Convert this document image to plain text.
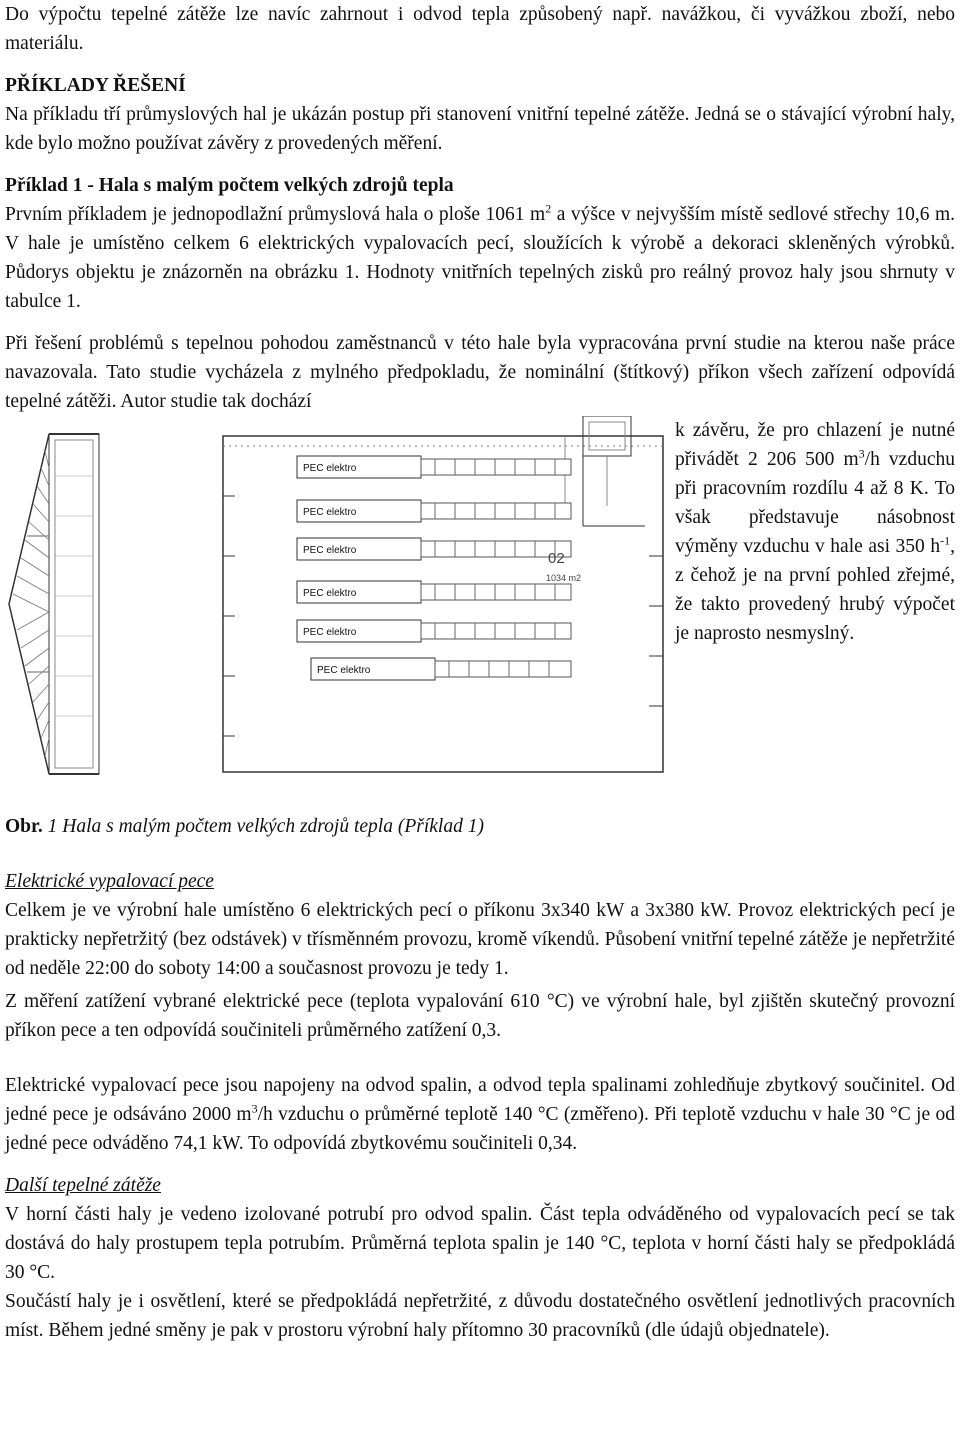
Do výpočtu tepelné zátěže lze navíc zahrnout i odvod tepla způsobený např. navážkou, či vyvážkou zboží, nebo materiálu.

PŘÍKLADY ŘEŠENÍ

Na příkladu tří průmyslových hal je ukázán postup při stanovení vnitřní tepelné zátěže. Jedná se o stávající výrobní haly, kde bylo možno používat závěry z provedených měření.

Příklad 1 - Hala s malým počtem velkých zdrojů tepla

Prvním příkladem je jednopodlažní průmyslová hala o ploše 1061 $m^2$ a výšce v nejvyšším místě sedlové střechy 10,6 m. V hale je umístěno celkem 6 elektrických vypalovacích pecí, sloužících k výrobě a dekoraci skleněných výrobků. Půdorys objektu je znázorněn na obrázku 1. Hodnoty vnitřních tepelných zisků pro reálný provoz haly jsou shrnuty v tabulce 1.

Při řešení problémů s tepelnou pohodou zaměstnanců v této hale byla vypracována první studie na kterou naše práce navazovala. Tato studie vycházela z mylného předpokladu, že nominální (štítkový) příkon všech zařízení odpovídá tepelné zátěži. Autor studie tak dochází

PEC elektro
PEC elektro
PEC elektro
PEC elektro
PEC elektro
PEC elektro
02
1034 m2

k závěru, že pro chlazení je nutné přivádět 2 206 500 $m^3/h$ vzduchu při pracovním rozdílu 4 až 8 K. To však představuje násobnost výměny vzduchu v hale asi 350 $h^{-1}$, z čehož je na první pohled zřejmé, že takto provedený hrubý výpočet je naprosto nesmyslný.

Obr. 1 Hala s malým počtem velkých zdrojů tepla (Příklad 1)

Elektrické vypalovací pece

Celkem je ve výrobní hale umístěno 6 elektrických pecí o příkonu 3x340 kW a 3x380 kW. Provoz elektrických pecí je prakticky nepřetržitý (bez odstávek) v třísměnném provozu, kromě víkendů. Působení vnitřní tepelné zátěže je nepřetržité od neděle 22:00 do soboty 14:00 a současnost provozu je tedy 1.

Z měření zatížení vybrané elektrické pece (teplota vypalování 610 °C) ve výrobní hale, byl zjištěn skutečný provozní příkon pece a ten odpovídá součiniteli průměrného zatížení 0,3.

Elektrické vypalovací pece jsou napojeny na odvod spalin, a odvod tepla spalinami zohledňuje zbytkový součinitel. Od jedné pece je odsáváno 2000 $m^3/h$ vzduchu o průměrné teplotě 140 °C (změřeno). Při teplotě vzduchu v hale 30 °C je od jedné pece odváděno 74,1 kW. To odpovídá zbytkovému součiniteli 0,34.

Další tepelné zátěže

V horní části haly je vedeno izolované potrubí pro odvod spalin. Část tepla odváděného od vypalovacích pecí se tak dostává do haly prostupem tepla potrubím. Průměrná teplota spalin je 140 °C, teplota v horní části haly se předpokládá 30 °C.

Součástí haly je i osvětlení, které se předpokládá nepřetržité, z důvodu dostatečného osvětlení jednotlivých pracovních míst. Během jedné směny je pak v prostoru výrobní haly přítomno 30 pracovníků (dle údajů objednatele).
